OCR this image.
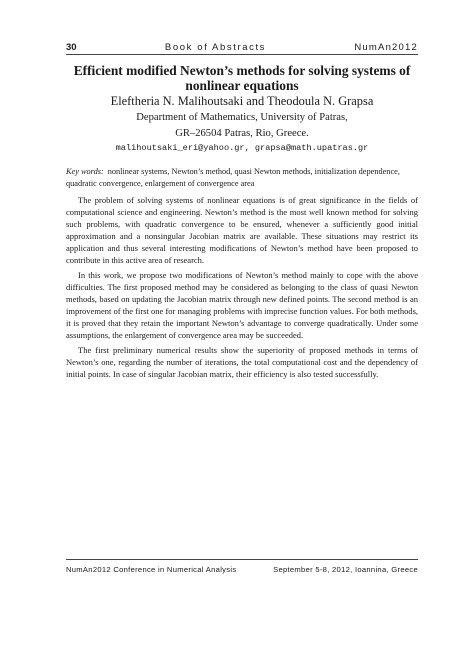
30	Book of Abstracts	NumAn2012
Efficient modified Newton’s methods for solving systems of nonlinear equations
Eleftheria N. Malihoutsaki and Theodoula N. Grapsa
Department of Mathematics, University of Patras,
GR–26504 Patras, Rio, Greece.
malihoutsaki_eri@yahoo.gr, grapsa@math.upatras.gr
Key words: nonlinear systems, Newton’s method, quasi Newton methods, initialization dependence, quadratic convergence, enlargement of convergence area

The problem of solving systems of nonlinear equations is of great significance in the fields of computational science and engineering. Newton’s method is the most well known method for solving such problems, with quadratic convergence to be ensured, whenever a sufficiently good initial approximation and a nonsingular Jacobian matrix are available. These situations may restrict its application and thus several interesting modifications of Newton’s method have been proposed to contribute in this active area of research.

In this work, we propose two modifications of Newton’s method mainly to cope with the above difficulties. The first proposed method may be considered as belonging to the class of quasi Newton methods, based on updating the Jacobian matrix through new defined points. The second method is an improvement of the first one for managing problems with imprecise function values. For both methods, it is proved that they retain the important Newton’s advantage to converge quadratically. Under some assumptions, the enlargement of convergence area may be succeeded.

The first preliminary numerical results show the superiority of proposed methods in terms of Newton’s one, regarding the number of iterations, the total computational cost and the dependency of initial points. In case of singular Jacobian matrix, their efficiency is also tested successfully.

NumAn2012 Conference in Numerical Analysis	September 5-8, 2012, Ioannina, Greece
